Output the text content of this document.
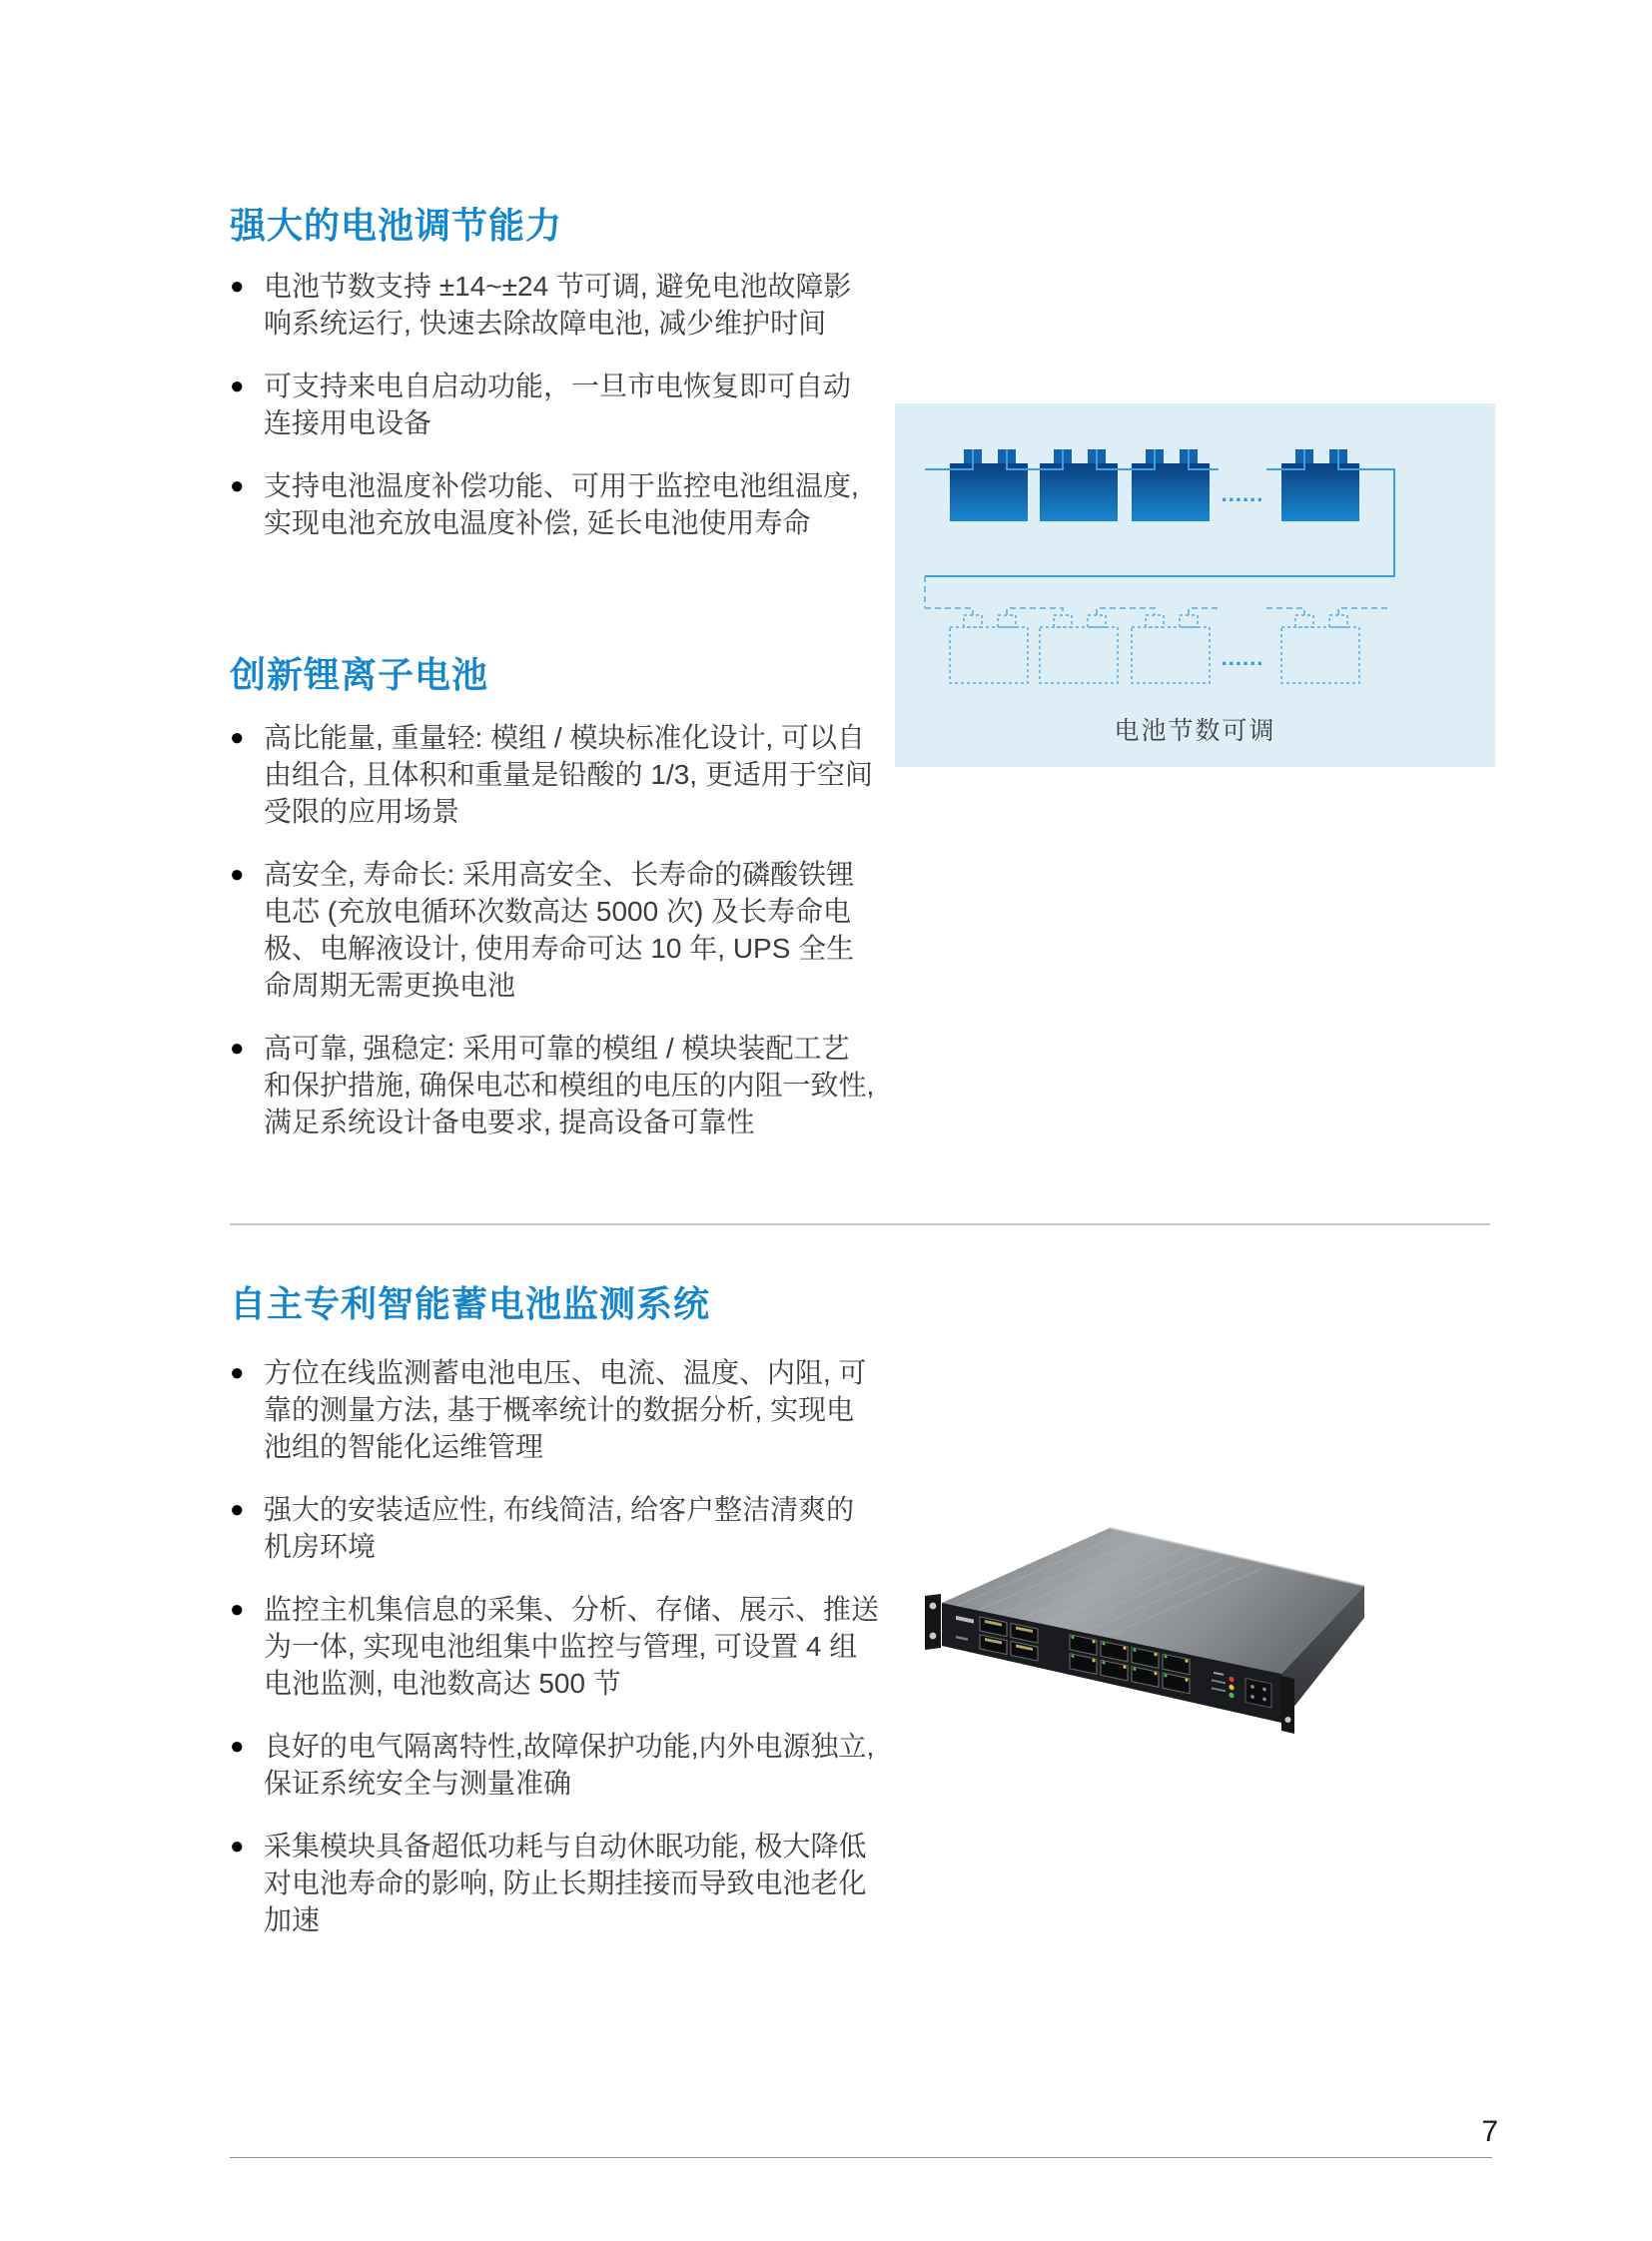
强大的电池调节能力
● 电池节数支持 ±14~±24 节可调, 避免电池故障影响系统运行, 快速去除故障电池, 减少维护时间
● 可支持来电自启动功能，一旦市电恢复即可自动连接用电设备
● 支持电池温度补偿功能、可用于监控电池组温度, 实现电池充放电温度补偿, 延长电池使用寿命
......
......
电池节数可调
创新锂离子电池
● 高比能量, 重量轻: 模组 / 模块标准化设计, 可以自由组合, 且体积和重量是铅酸的 1/3, 更适用于空间受限的应用场景
● 高安全, 寿命长: 采用高安全、长寿命的磷酸铁锂电芯 (充放电循环次数高达 5000 次) 及长寿命电极、电解液设计, 使用寿命可达 10 年, UPS 全生命周期无需更换电池
● 高可靠, 强稳定: 采用可靠的模组 / 模块装配工艺和保护措施, 确保电芯和模组的电压的内阻一致性, 满足系统设计备电要求, 提高设备可靠性
自主专利智能蓄电池监测系统
● 方位在线监测蓄电池电压、电流、温度、内阻, 可靠的测量方法, 基于概率统计的数据分析, 实现电池组的智能化运维管理
● 强大的安装适应性, 布线简洁, 给客户整洁清爽的机房环境
● 监控主机集信息的采集、分析、存储、展示、推送为一体, 实现电池组集中监控与管理, 可设置 4 组电池监测, 电池数高达 500 节
● 良好的电气隔离特性,故障保护功能,内外电源独立, 保证系统安全与测量准确
● 采集模块具备超低功耗与自动休眠功能, 极大降低对电池寿命的影响, 防止长期挂接而导致电池老化加速
7
